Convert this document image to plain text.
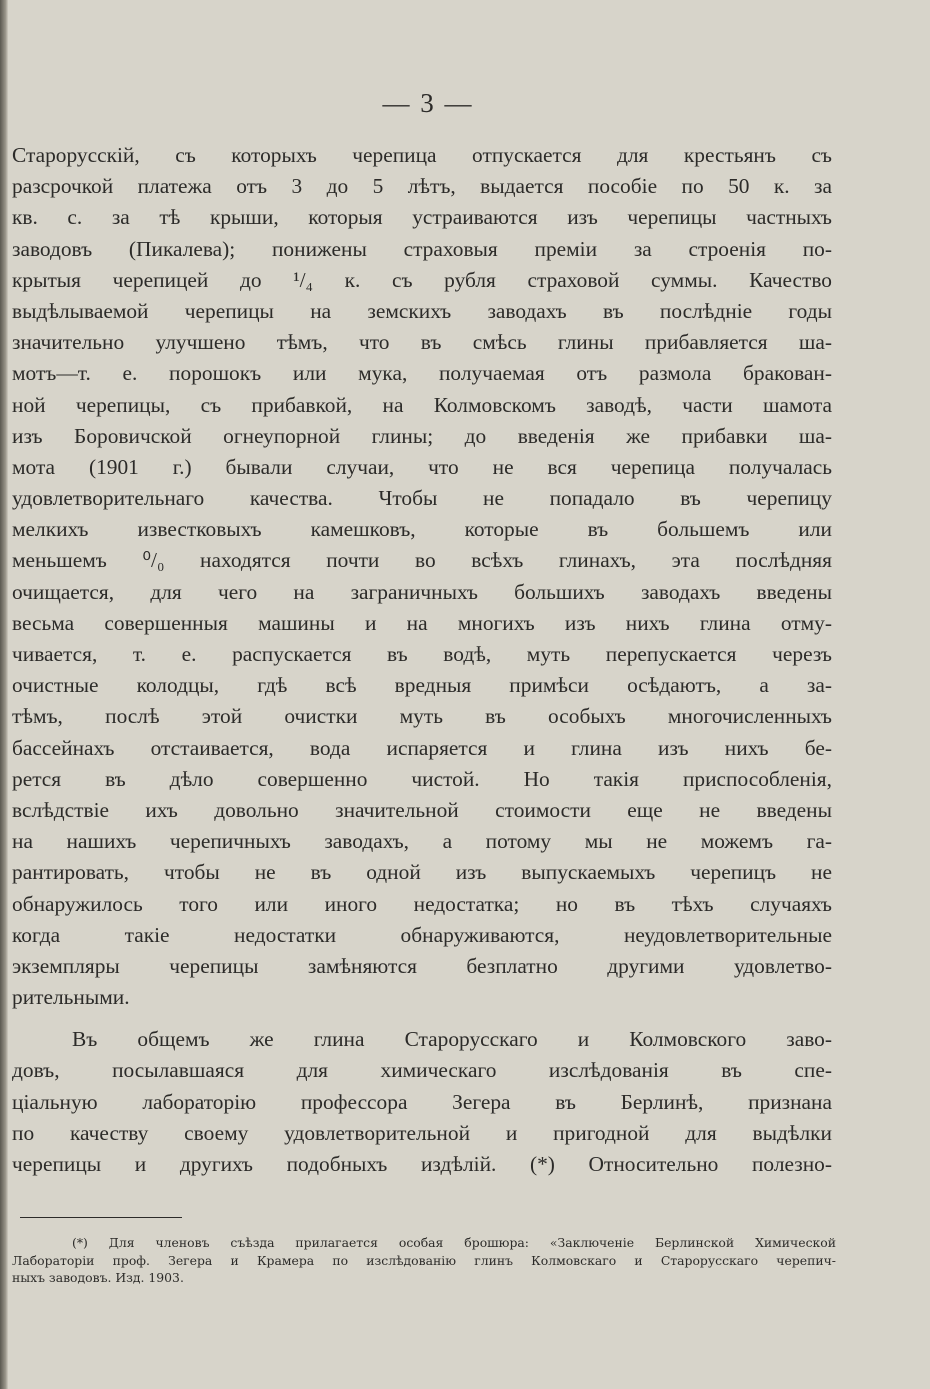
— 3 —
Старорусскій, съ которыхъ черепица отпускается для крестьянъ съ
разсрочкой платежа отъ 3 до 5 лѣтъ, выдается пособіе по 50 к. за
кв. с. за тѣ крыши, которыя устраиваются изъ черепицы частныхъ
заводовъ (Пикалева); понижены страховыя преміи за строенія по-
крытыя черепицей до ¹/₄ к. съ рубля страховой суммы. Качество
выдѣлываемой черепицы на земскихъ заводахъ въ послѣдніе годы
значительно улучшено тѣмъ, что въ смѣсь глины прибавляется ша-
мотъ—т. е. порошокъ или мука, получаемая отъ размола бракован-
ной черепицы, съ прибавкой, на Колмовскомъ заводѣ, части шамота
изъ Боровичской огнеупорной глины; до введенія же прибавки ша-
мота (1901 г.) бывали случаи, что не вся черепица получалась
удовлетворительнаго качества. Чтобы не попадало въ черепицу
мелкихъ известковыхъ камешковъ, которые въ большемъ или
меньшемъ ⁰/₀ находятся почти во всѣхъ глинахъ, эта послѣдняя
очищается, для чего на заграничныхъ большихъ заводахъ введены
весьма совершенныя машины и на многихъ изъ нихъ глина отму-
чивается, т. е. распускается въ водѣ, муть перепускается черезъ
очистные колодцы, гдѣ всѣ вредныя примѣси осѣдаютъ, а за-
тѣмъ, послѣ этой очистки муть въ особыхъ многочисленныхъ
бассейнахъ отстаивается, вода испаряется и глина изъ нихъ бе-
рется въ дѣло совершенно чистой. Но такія приспособленія,
вслѣдствіе ихъ довольно значительной стоимости еще не введены
на нашихъ черепичныхъ заводахъ, а потому мы не можемъ га-
рантировать, чтобы не въ одной изъ выпускаемыхъ черепицъ не
обнаружилось того или иного недостатка; но въ тѣхъ случаяхъ
когда такіе недостатки обнаруживаются, неудовлетворительные
экземпляры черепицы замѣняются безплатно другими удовлетво-
рительными.
Въ общемъ же глина Старорусскаго и Колмовского заво-
довъ, посылавшаяся для химическаго изслѣдованія въ спе-
ціальную лабораторію профессора Зегера въ Берлинѣ, признана
по качеству своему удовлетворительной и пригодной для выдѣлки
черепицы и другихъ подобныхъ издѣлій. (*) Относительно полезно-
(*) Для членовъ съѣзда прилагается особая брошюра: «Заключеніе Берлинской Химической
Лабораторіи проф. Зегера и Крамера по изслѣдованію глинъ Колмовскаго и Старорусскаго черепич-
ныхъ заводовъ. Изд. 1903.
